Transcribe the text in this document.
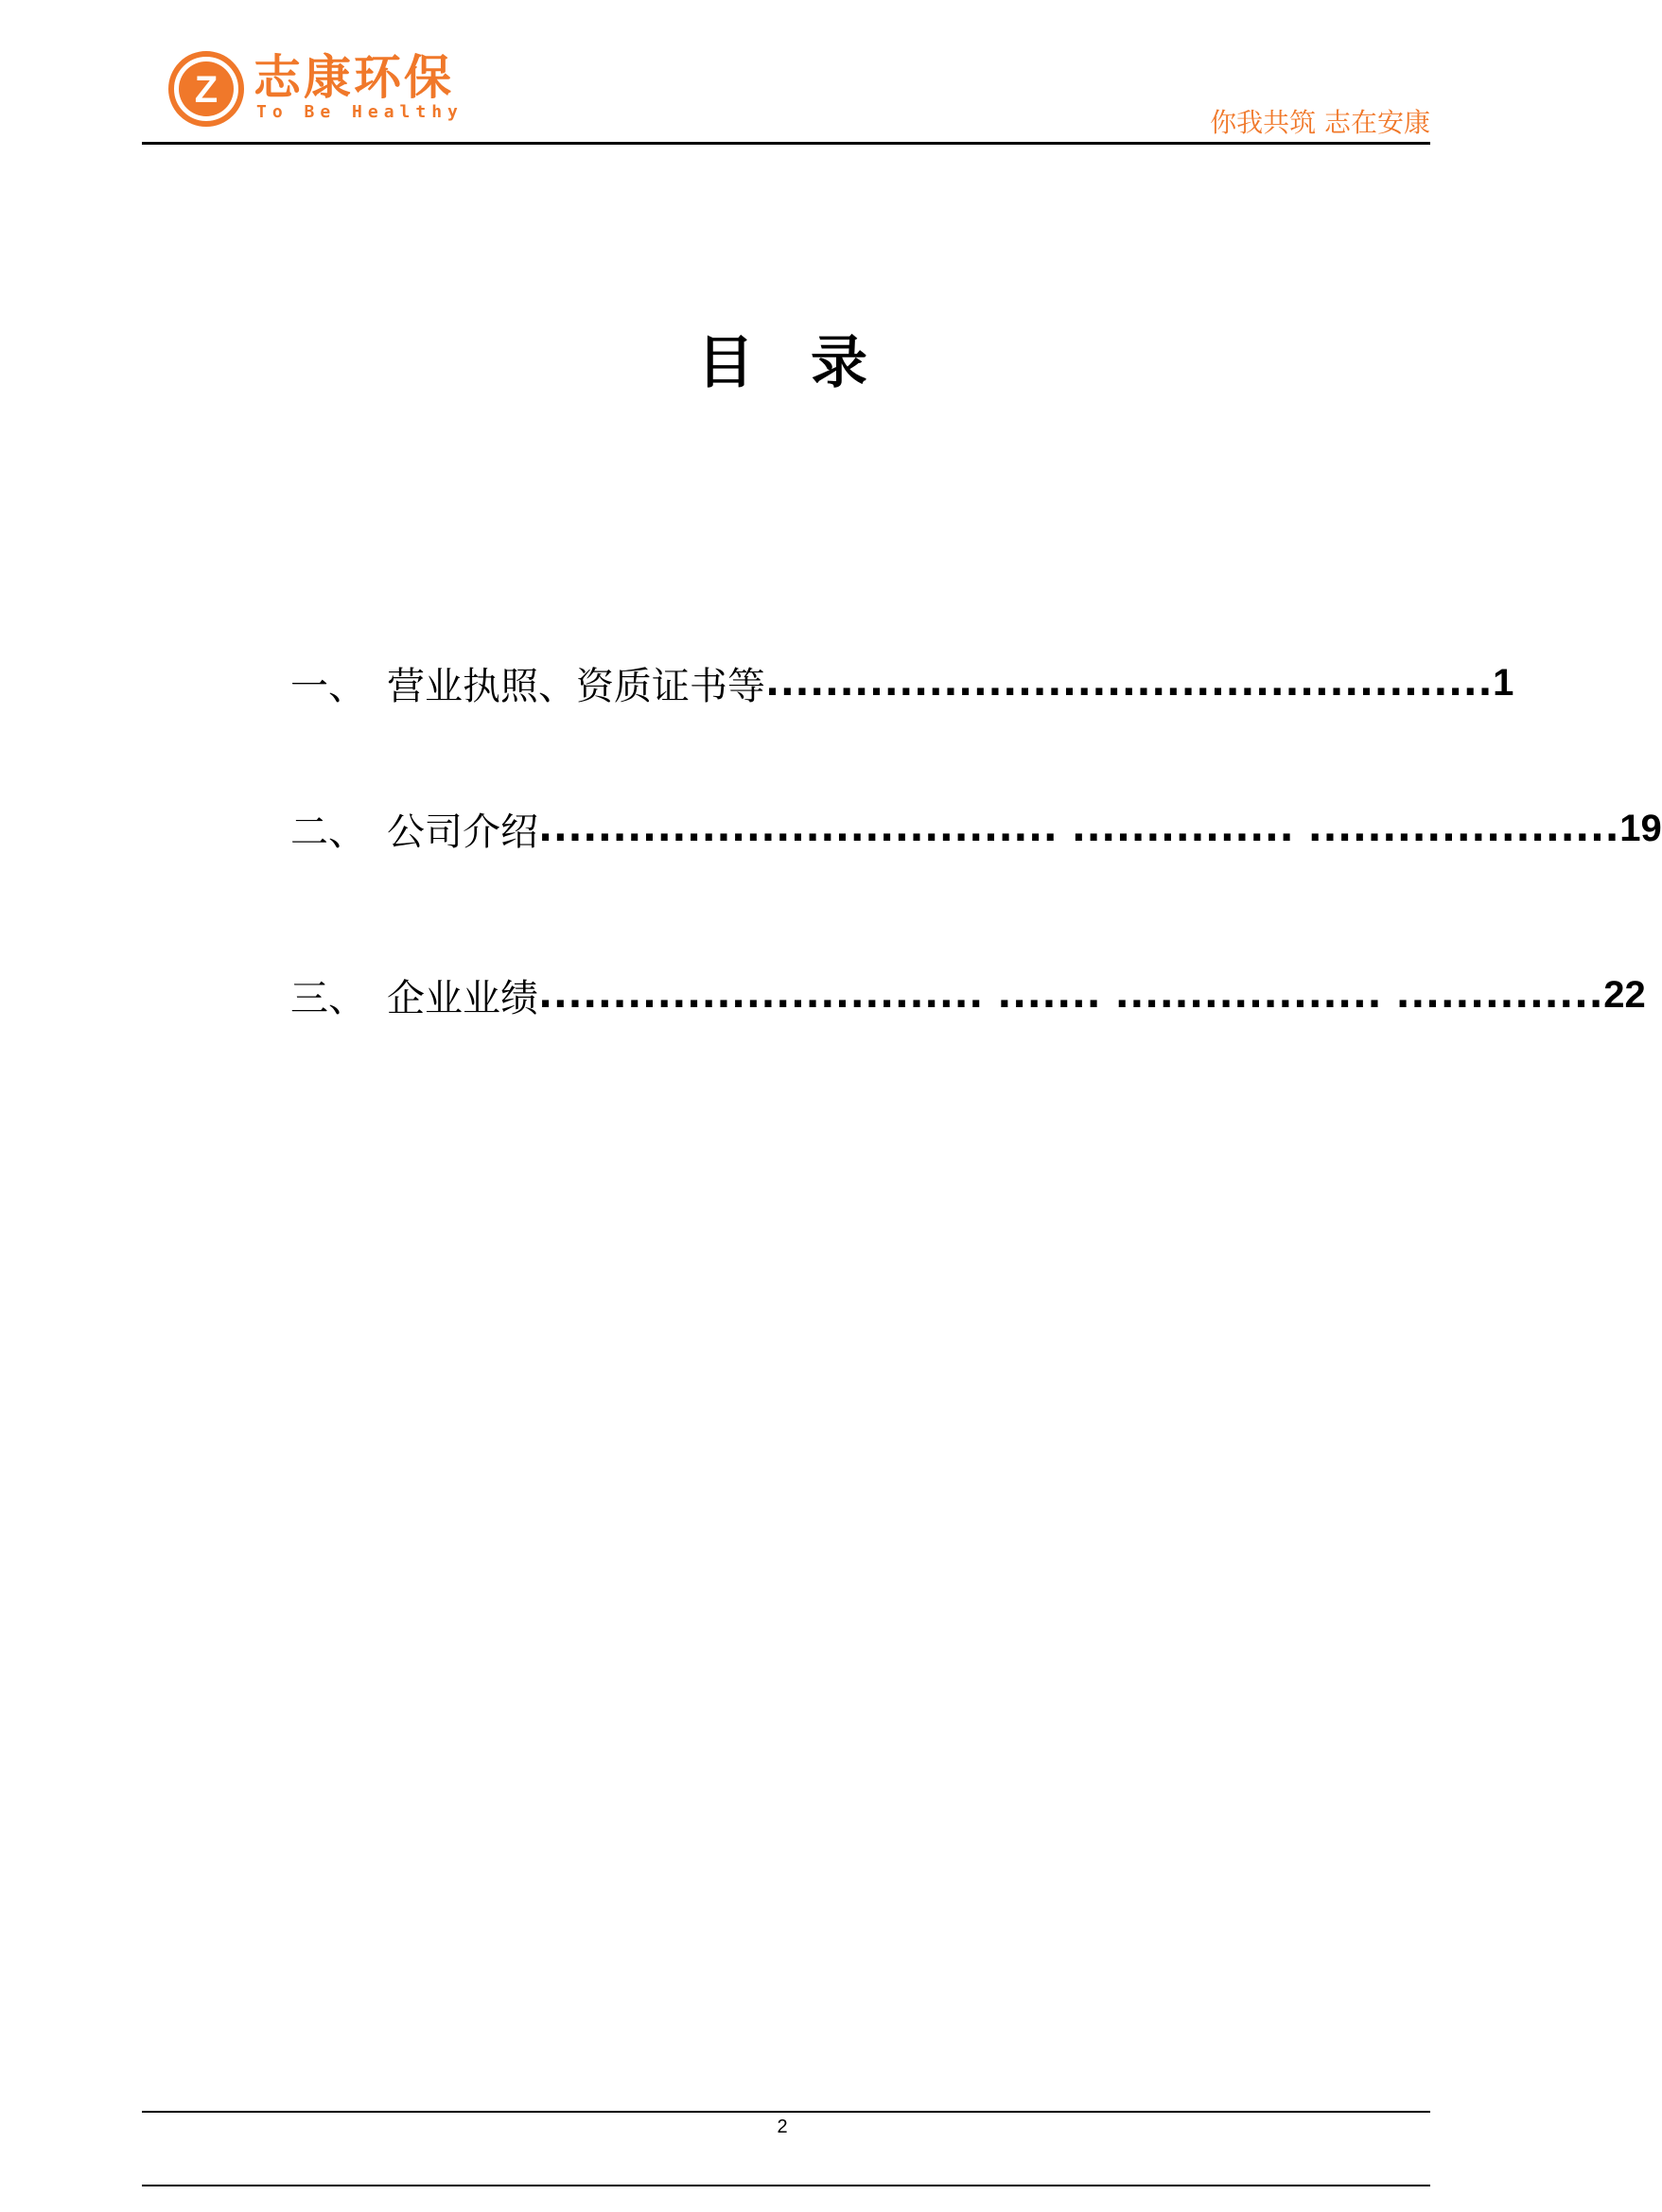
Z 志康环保
To Be Healthy	你我共筑 志在安康
目录
一、 营业执照、资质证书等 ................................................. 1
二、 公司介绍 ................................... ............... ..................... 19
三、 企业业绩 .............................. ....... .................. .............. 22
2
